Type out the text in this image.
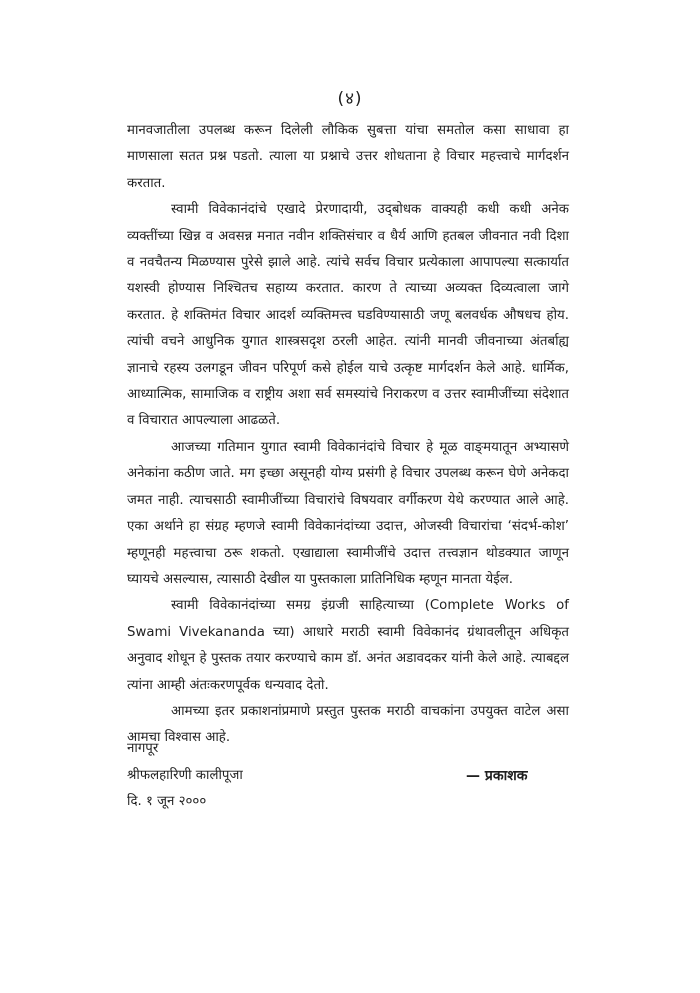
(४)

मानवजातीला उपलब्ध करून दिलेली लौकिक सुबत्ता यांचा समतोल कसा साधावा हा माणसाला सतत प्रश्न पडतो. त्याला या प्रश्नाचे उत्तर शोधताना हे विचार महत्त्वाचे मार्गदर्शन करतात.

स्वामी विवेकानंदांचे एखादे प्रेरणादायी, उद्‌बोधक वाक्यही कधी कधी अनेक व्यक्तींच्या खिन्न व अवसन्न मनात नवीन शक्तिसंचार व धैर्य आणि हतबल जीवनात नवी दिशा व नवचैतन्य मिळण्यास पुरेसे झाले आहे. त्यांचे सर्वच विचार प्रत्येकाला आपापल्या सत्कार्यात यशस्वी होण्यास निश्चितच सहाय्य करतात. कारण ते त्याच्या अव्यक्त दिव्यत्वाला जागे करतात. हे शक्तिमंत विचार आदर्श व्यक्तिमत्त्व घडविण्यासाठी जणू बलवर्धक औषधच होय. त्यांची वचने आधुनिक युगात शास्त्रसदृश ठरली आहेत. त्यांनी मानवी जीवनाच्या अंतर्बाह्य ज्ञानाचे रहस्य उलगडून जीवन परिपूर्ण कसे होईल याचे उत्कृष्ट मार्गदर्शन केले आहे. धार्मिक, आध्यात्मिक, सामाजिक व राष्ट्रीय अशा सर्व समस्यांचे निराकरण व उत्तर स्वामीजींच्या संदेशात व विचारात आपल्याला आढळते.

आजच्या गतिमान युगात स्वामी विवेकानंदांचे विचार हे मूळ वाङ्‌मयातून अभ्यासणे अनेकांना कठीण जाते. मग इच्छा असूनही योग्य प्रसंगी हे विचार उपलब्ध करून घेणे अनेकदा जमत नाही. त्याचसाठी स्वामीजींच्या विचारांचे विषयवार वर्गीकरण येथे करण्यात आले आहे. एका अर्थाने हा संग्रह म्हणजे स्वामी विवेकानंदांच्या उदात्त, ओजस्वी विचारांचा ‘संदर्भ-कोश’ म्हणूनही महत्त्वाचा ठरू शकतो. एखाद्याला स्वामीजींचे उदात्त तत्त्वज्ञान थोडक्यात जाणून घ्यायचे असल्यास, त्यासाठी देखील या पुस्तकाला प्रातिनिधिक म्हणून मानता येईल.

स्वामी विवेकानंदांच्या समग्र इंग्रजी साहित्याच्या (Complete Works of Swami Vivekananda च्या) आधारे मराठी स्वामी विवेकानंद ग्रंथावलीतून अधिकृत अनुवाद शोधून हे पुस्तक तयार करण्याचे काम डॉ. अनंत अडावदकर यांनी केले आहे. त्याबद्दल त्यांना आम्ही अंतःकरणपूर्वक धन्यवाद देतो.

आमच्या इतर प्रकाशनांप्रमाणे प्रस्तुत पुस्तक मराठी वाचकांना उपयुक्त वाटेल असा आमचा विश्वास आहे.

नागपूर
श्रीफलहारिणी कालीपूजा	— प्रकाशक
दि. १ जून २०००
